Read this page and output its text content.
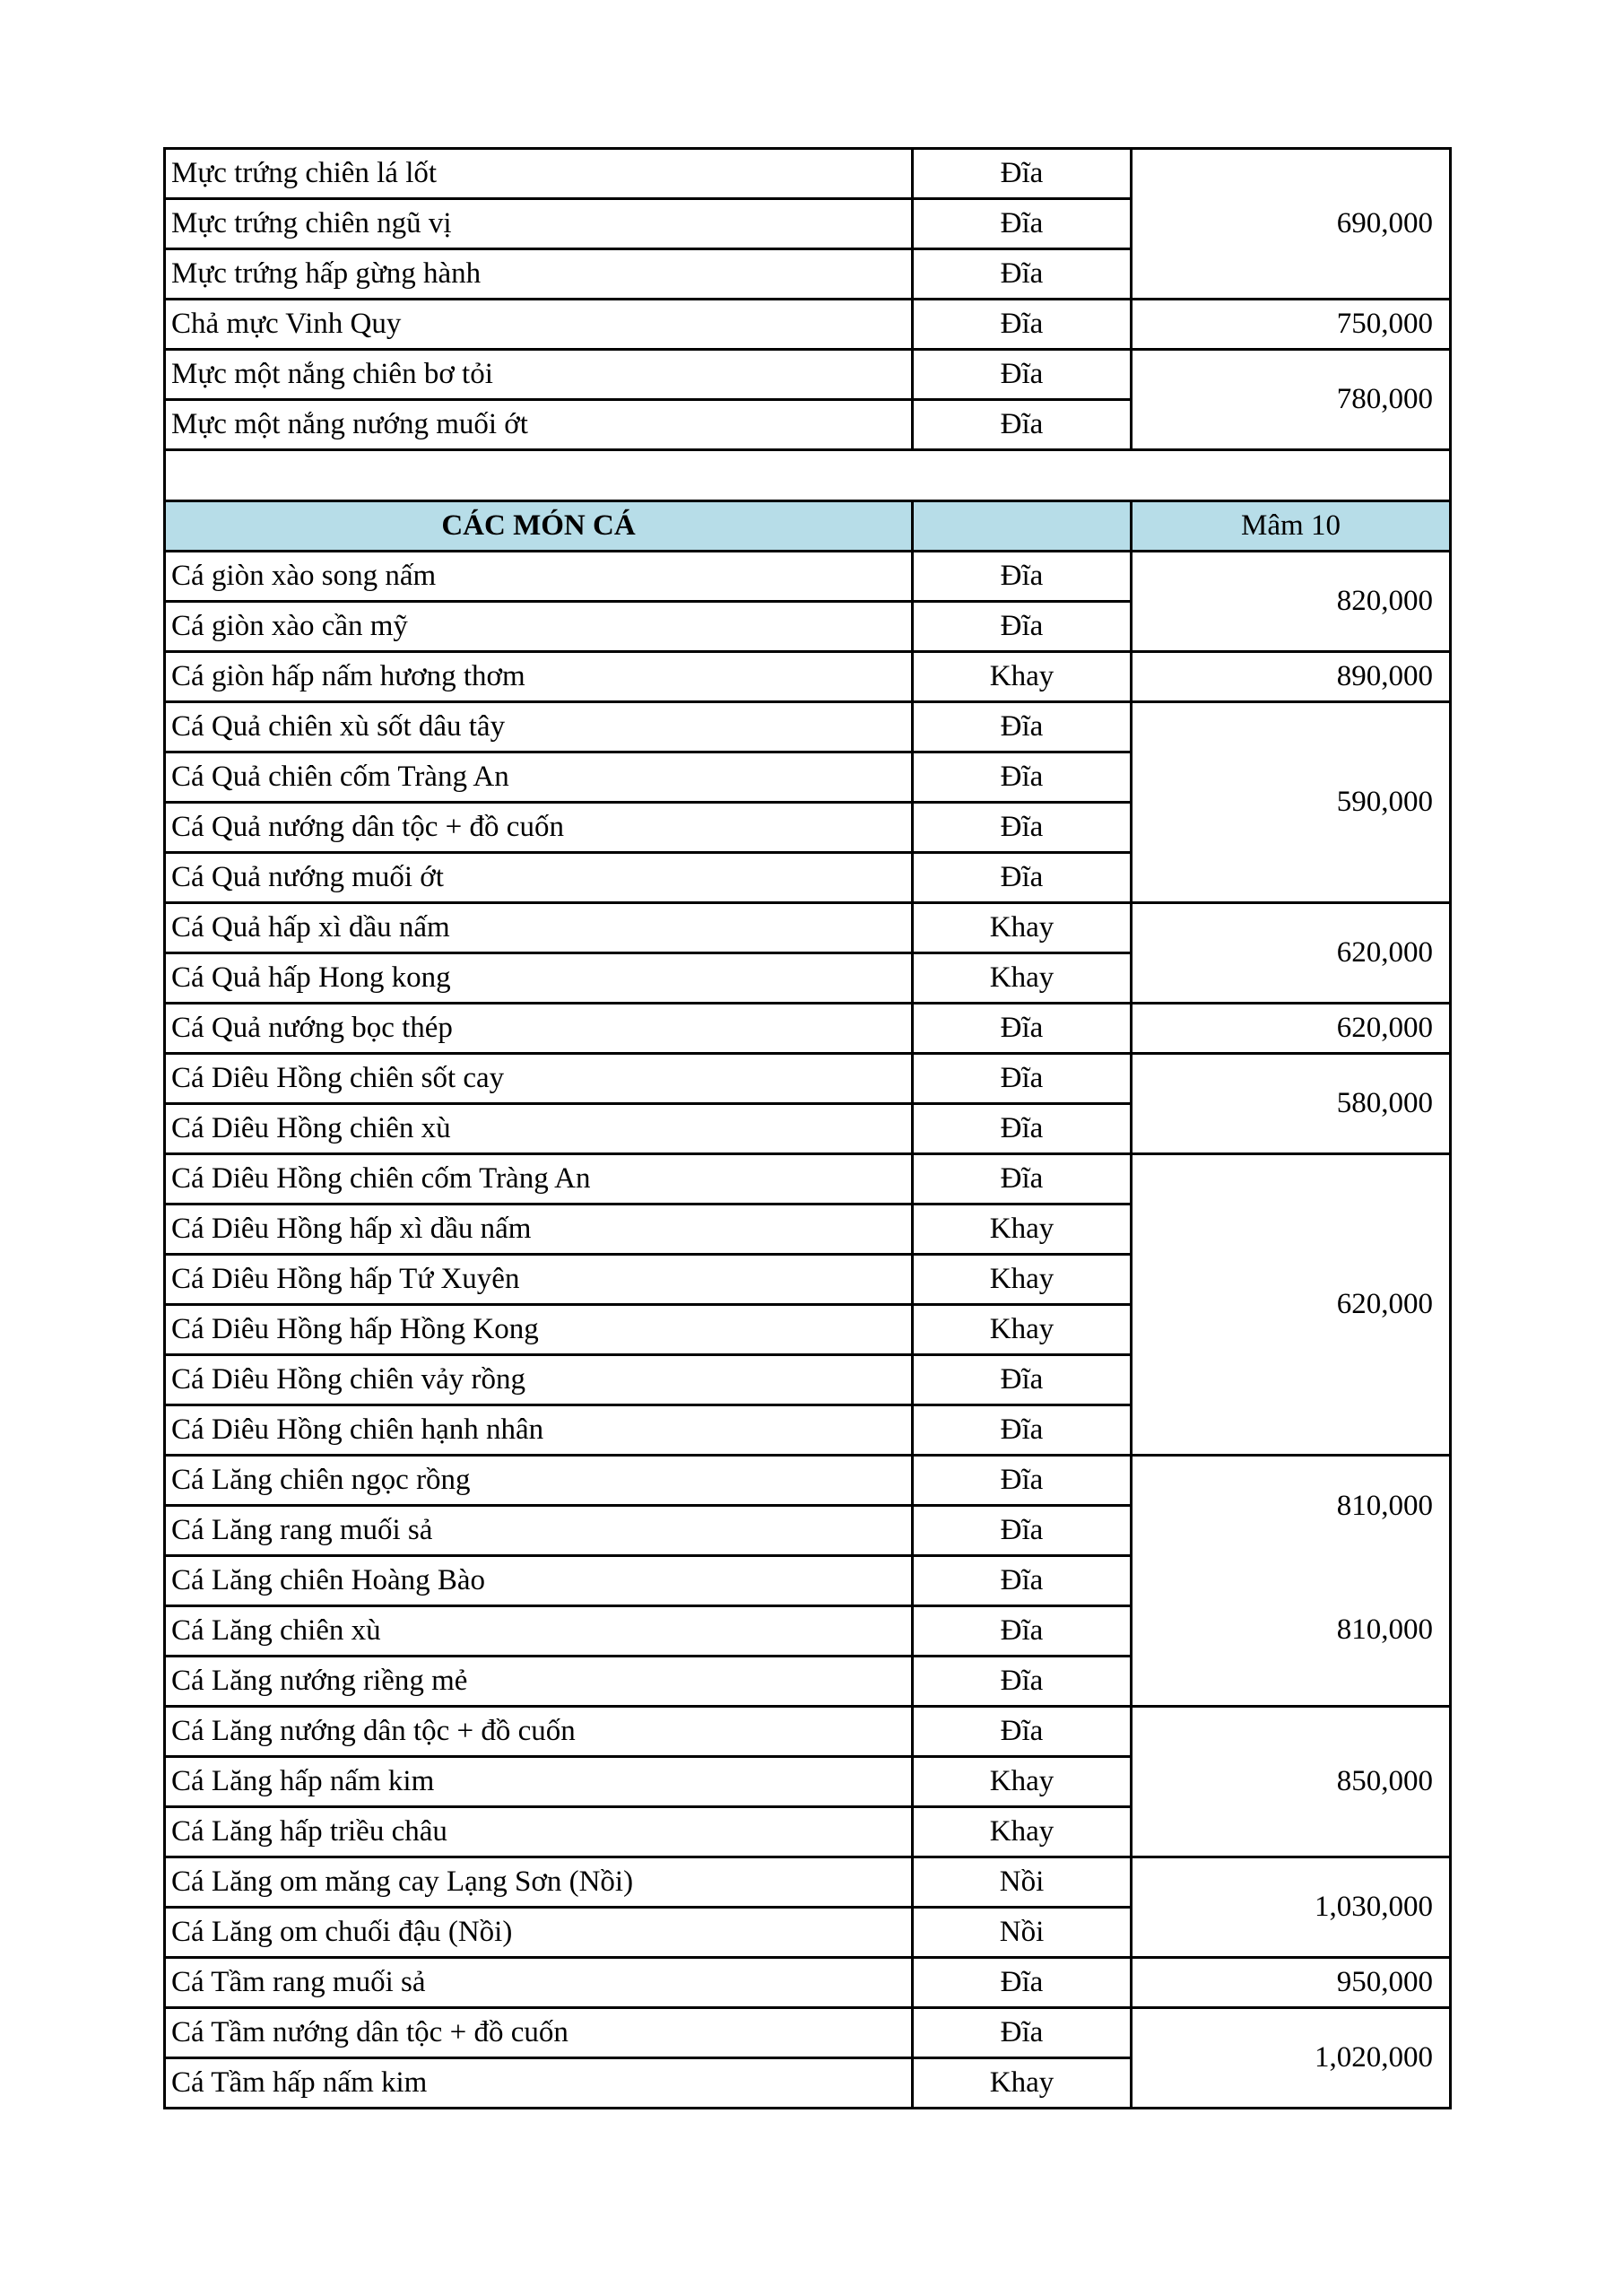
Mực trứng chiên lá lốt	Đĩa	690,000
Mực trứng chiên ngũ vị	Đĩa	
Mực trứng hấp gừng hành	Đĩa	
Chả mực Vinh Quy	Đĩa	750,000
Mực một nắng chiên bơ tỏi	Đĩa	780,000
Mực một nắng nướng muối ớt	Đĩa	

CÁC MÓN CÁ		Mâm 10
Cá giòn xào song nấm	Đĩa	820,000
Cá giòn xào cần mỹ	Đĩa	
Cá giòn hấp nấm hương thơm	Khay	890,000
Cá Quả chiên xù sốt dâu tây	Đĩa	590,000
Cá Quả chiên cốm Tràng An	Đĩa	
Cá Quả nướng dân tộc + đồ cuốn	Đĩa	
Cá Quả nướng muối ớt	Đĩa	
Cá Quả hấp xì dầu nấm	Khay	620,000
Cá Quả hấp Hong kong	Khay	
Cá Quả nướng bọc thép	Đĩa	620,000
Cá Diêu Hồng chiên sốt cay	Đĩa	580,000
Cá Diêu Hồng chiên xù	Đĩa	
Cá Diêu Hồng chiên cốm Tràng An	Đĩa	620,000
Cá Diêu Hồng hấp xì dầu nấm	Khay	
Cá Diêu Hồng hấp Tứ Xuyên	Khay	
Cá Diêu Hồng hấp Hồng Kong	Khay	
Cá Diêu Hồng chiên vảy rồng	Đĩa	
Cá Diêu Hồng chiên hạnh nhân	Đĩa	
Cá Lăng chiên ngọc rồng	Đĩa	810,000
Cá Lăng rang muối sả	Đĩa	
Cá Lăng chiên Hoàng Bào	Đĩa	810,000
Cá Lăng chiên xù	Đĩa	
Cá Lăng nướng riềng mẻ	Đĩa	
Cá Lăng nướng dân tộc + đồ cuốn	Đĩa	850,000
Cá Lăng hấp nấm kim	Khay	
Cá Lăng hấp triều châu	Khay	
Cá Lăng om măng cay Lạng Sơn (Nồi)	Nồi	1,030,000
Cá Lăng om chuối đậu (Nồi)	Nồi	
Cá Tầm rang muối sả	Đĩa	950,000
Cá Tầm nướng dân tộc + đồ cuốn	Đĩa	1,020,000
Cá Tầm hấp nấm kim	Khay	
